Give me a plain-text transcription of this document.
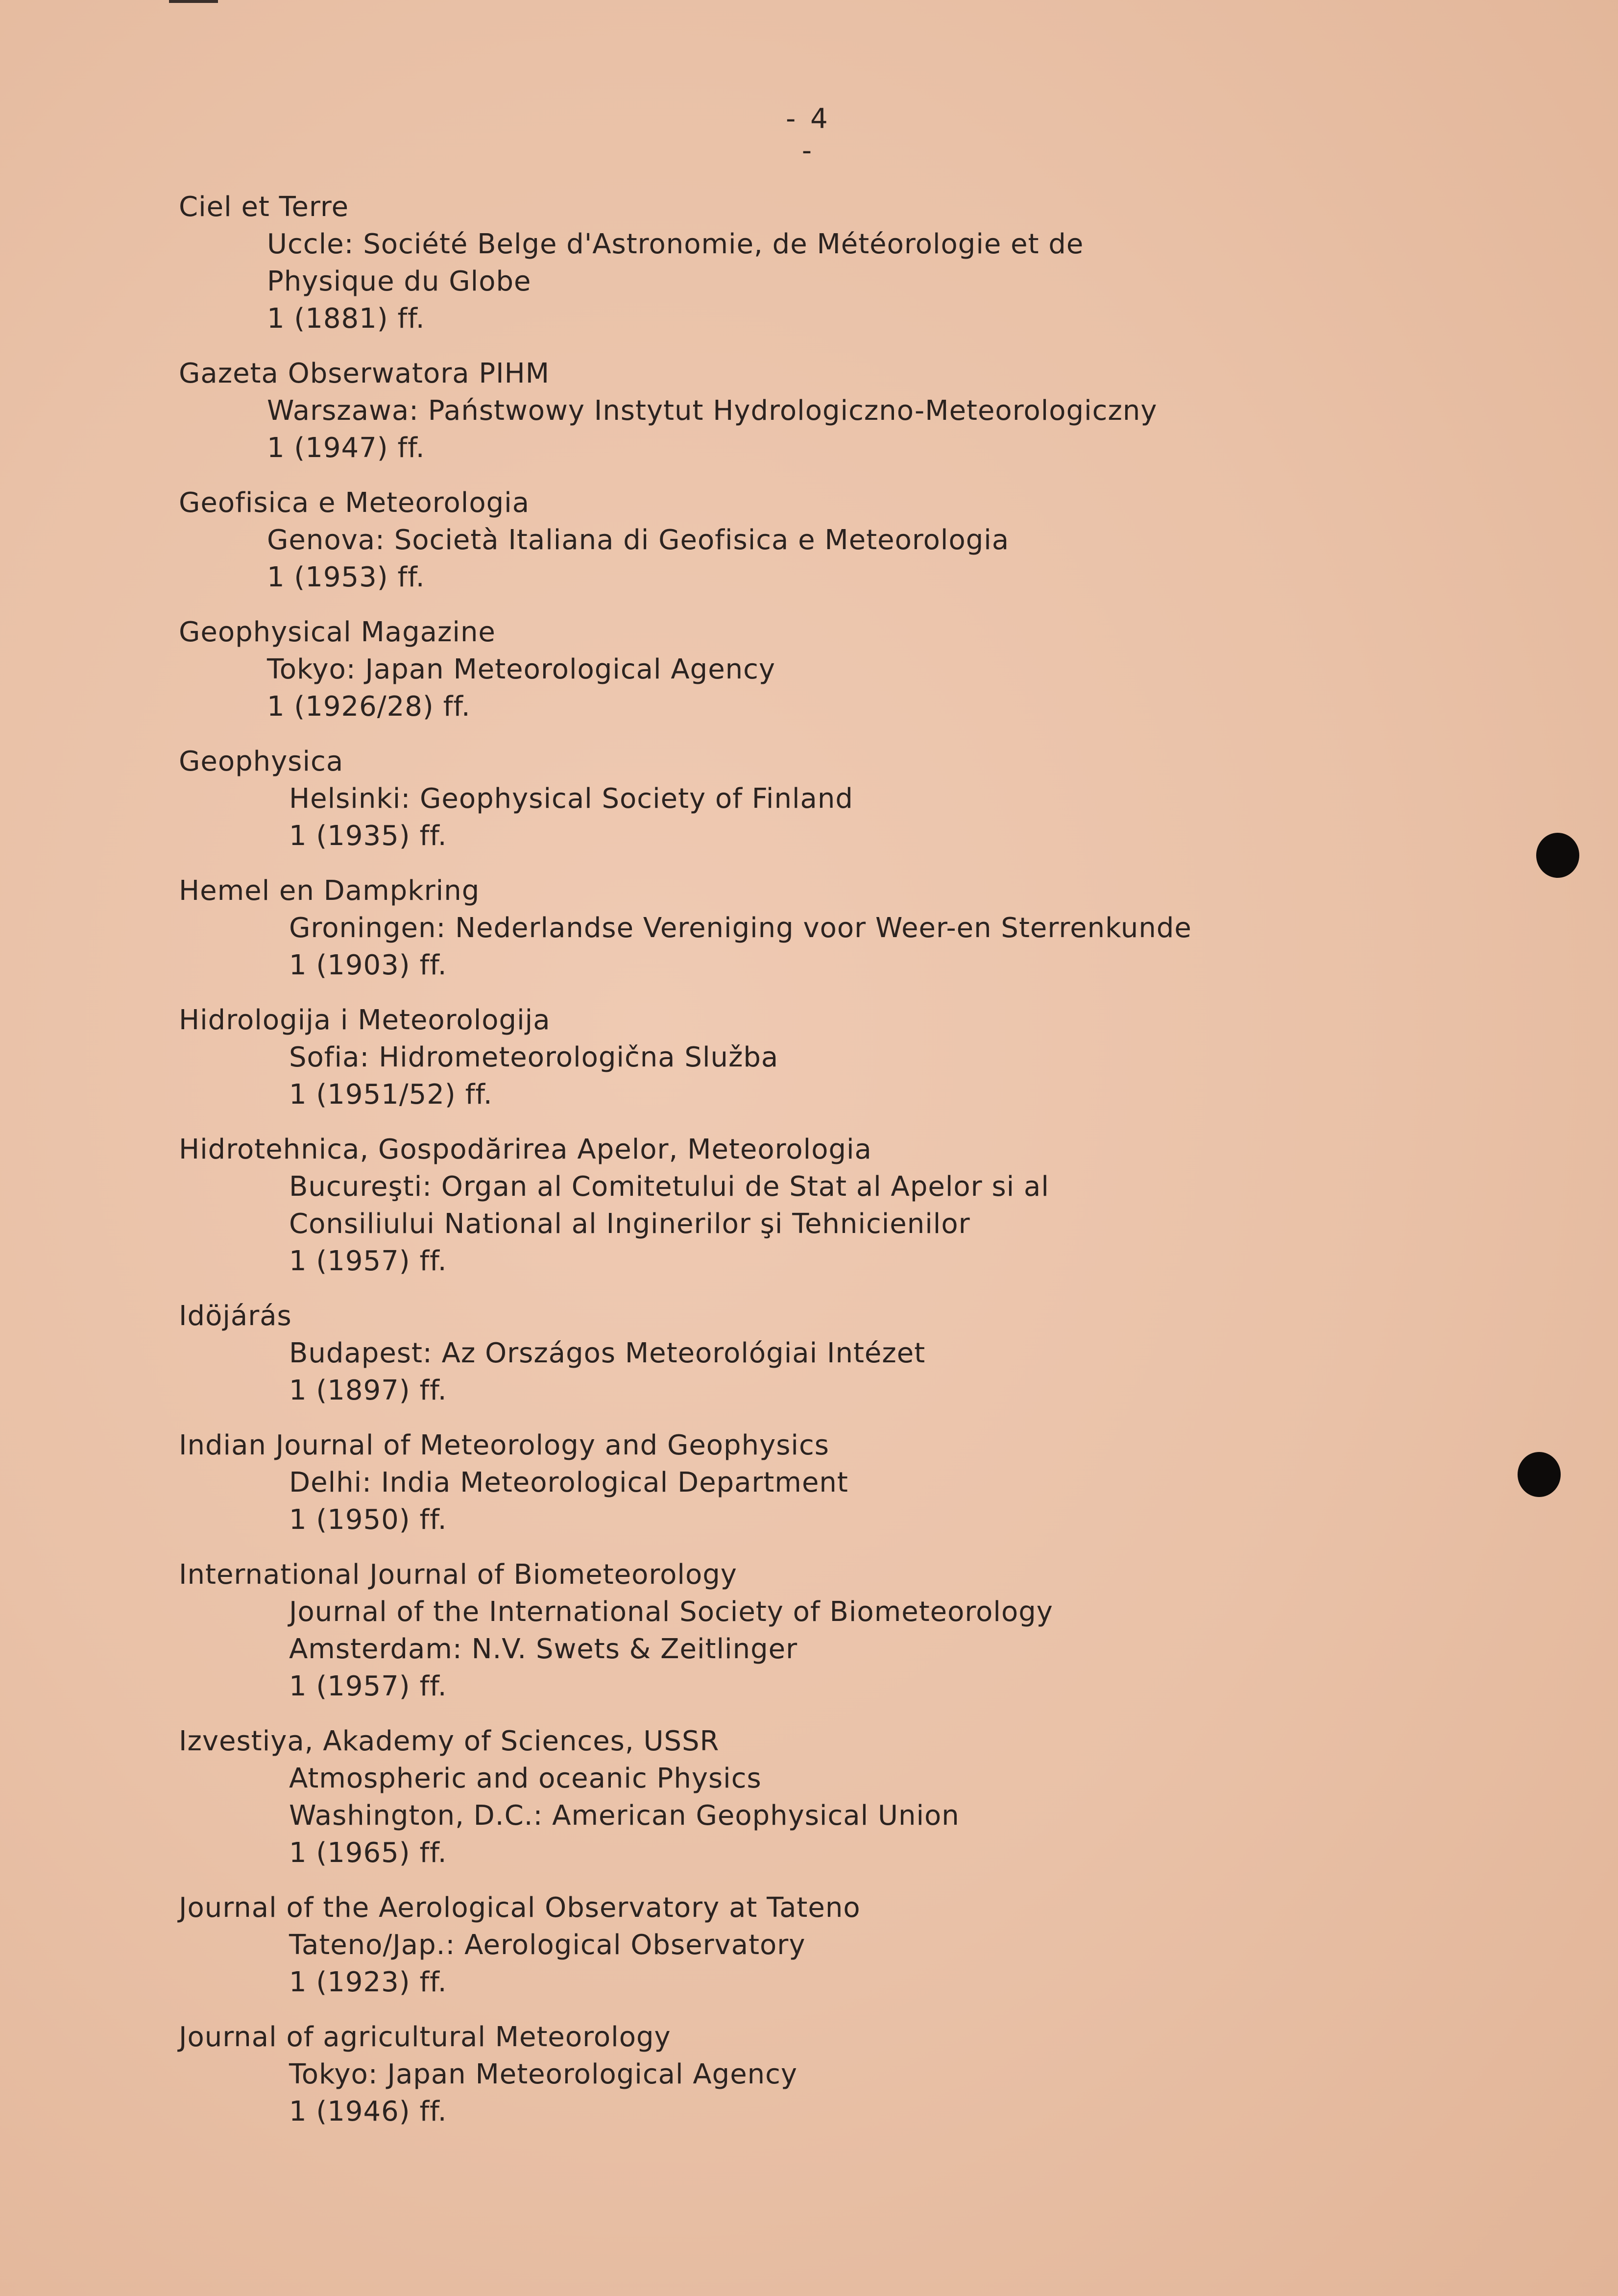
- 4 -
Ciel et Terre
Uccle: Société Belge d'Astronomie, de Météorologie et de
Physique du Globe
1 (1881) ff.
Gazeta Obserwatora PIHM
Warszawa: Państwowy Instytut Hydrologiczno-Meteorologiczny
1 (1947) ff.
Geofisica e Meteorologia
Genova: Società Italiana di Geofisica e Meteorologia
1 (1953) ff.
Geophysical Magazine
Tokyo: Japan Meteorological Agency
1 (1926/28) ff.
Geophysica
Helsinki: Geophysical Society of Finland
1 (1935) ff.
Hemel en Dampkring
Groningen: Nederlandse Vereniging voor Weer-en Sterrenkunde
1 (1903) ff.
Hidrologija i Meteorologija
Sofia: Hidrometeorologična Služba
1 (1951/52) ff.
Hidrotehnica, Gospodărirea Apelor, Meteorologia
Bucureşti: Organ al Comitetului de Stat al Apelor si al
Consiliului National al Inginerilor şi Tehnicienilor
1 (1957) ff.
Idöjárás
Budapest: Az Országos Meteorológiai Intézet
1 (1897) ff.
Indian Journal of Meteorology and Geophysics
Delhi: India Meteorological Department
1 (1950) ff.
International Journal of Biometeorology
Journal of the International Society of Biometeorology
Amsterdam: N.V. Swets & Zeitlinger
1 (1957) ff.
Izvestiya, Akademy of Sciences, USSR
Atmospheric and oceanic Physics
Washington, D.C.: American Geophysical Union
1 (1965) ff.
Journal of the Aerological Observatory at Tateno
Tateno/Jap.: Aerological Observatory
1 (1923) ff.
Journal of agricultural Meteorology
Tokyo: Japan Meteorological Agency
1 (1946) ff.
